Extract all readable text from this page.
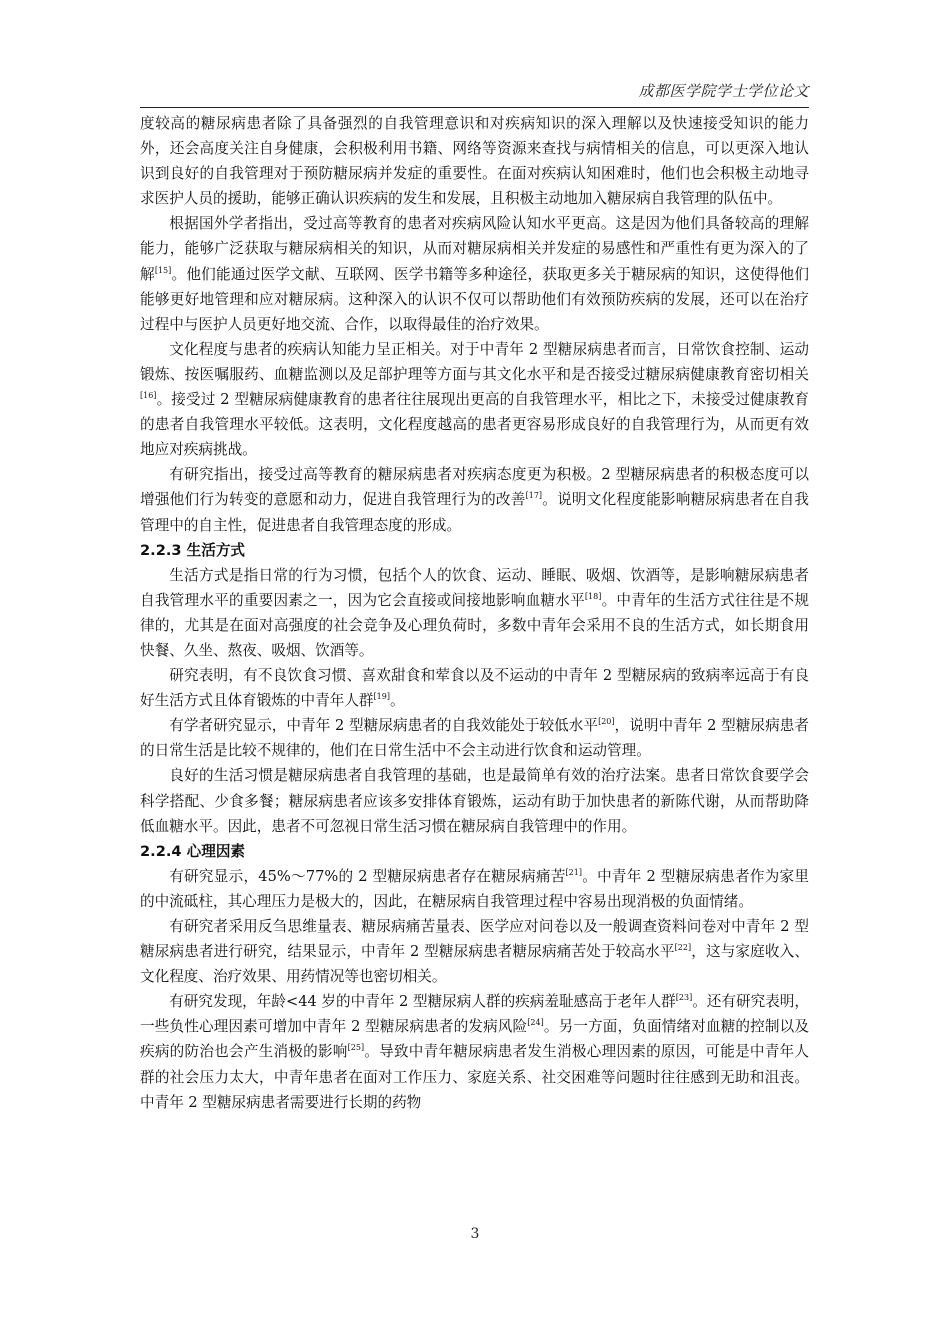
成都医学院学士学位论文

度较高的糖尿病患者除了具备强烈的自我管理意识和对疾病知识的深入理解以及快速接受知识的能力外，还会高度关注自身健康，会积极利用书籍、网络等资源来查找与病情相关的信息，可以更深入地认识到良好的自我管理对于预防糖尿病并发症的重要性。在面对疾病认知困难时，他们也会积极主动地寻求医护人员的援助，能够正确认识疾病的发生和发展，且积极主动地加入糖尿病自我管理的队伍中。

根据国外学者指出，受过高等教育的患者对疾病风险认知水平更高。这是因为他们具备较高的理解能力，能够广泛获取与糖尿病相关的知识，从而对糖尿病相关并发症的易感性和严重性有更为深入的了解[15]。他们能通过医学文献、互联网、医学书籍等多种途径，获取更多关于糖尿病的知识，这使得他们能够更好地管理和应对糖尿病。这种深入的认识不仅可以帮助他们有效预防疾病的发展，还可以在治疗过程中与医护人员更好地交流、合作，以取得最佳的治疗效果。

文化程度与患者的疾病认知能力呈正相关。对于中青年 2 型糖尿病患者而言，日常饮食控制、运动锻炼、按医嘱服药、血糖监测以及足部护理等方面与其文化水平和是否接受过糖尿病健康教育密切相关[16]。接受过 2 型糖尿病健康教育的患者往往展现出更高的自我管理水平，相比之下，未接受过健康教育的患者自我管理水平较低。这表明，文化程度越高的患者更容易形成良好的自我管理行为，从而更有效地应对疾病挑战。

有研究指出，接受过高等教育的糖尿病患者对疾病态度更为积极。2 型糖尿病患者的积极态度可以增强他们行为转变的意愿和动力，促进自我管理行为的改善[17]。说明文化程度能影响糖尿病患者在自我管理中的自主性，促进患者自我管理态度的形成。

2.2.3 生活方式

生活方式是指日常的行为习惯，包括个人的饮食、运动、睡眠、吸烟、饮酒等，是影响糖尿病患者自我管理水平的重要因素之一，因为它会直接或间接地影响血糖水平[18]。中青年的生活方式往往是不规律的，尤其是在面对高强度的社会竞争及心理负荷时，多数中青年会采用不良的生活方式，如长期食用快餐、久坐、熬夜、吸烟、饮酒等。

研究表明，有不良饮食习惯、喜欢甜食和荤食以及不运动的中青年 2 型糖尿病的致病率远高于有良好生活方式且体育锻炼的中青年人群[19]。

有学者研究显示，中青年 2 型糖尿病患者的自我效能处于较低水平[20]，说明中青年 2 型糖尿病患者的日常生活是比较不规律的，他们在日常生活中不会主动进行饮食和运动管理。

良好的生活习惯是糖尿病患者自我管理的基础，也是最简单有效的治疗法案。患者日常饮食要学会科学搭配、少食多餐；糖尿病患者应该多安排体育锻炼，运动有助于加快患者的新陈代谢，从而帮助降低血糖水平。因此，患者不可忽视日常生活习惯在糖尿病自我管理中的作用。

2.2.4 心理因素

有研究显示，45%～77%的 2 型糖尿病患者存在糖尿病痛苦[21]。中青年 2 型糖尿病患者作为家里的中流砥柱，其心理压力是极大的，因此，在糖尿病自我管理过程中容易出现消极的负面情绪。

有研究者采用反刍思维量表、糖尿病痛苦量表、医学应对问卷以及一般调查资料问卷对中青年 2 型糖尿病患者进行研究，结果显示，中青年 2 型糖尿病患者糖尿病痛苦处于较高水平[22]，这与家庭收入、文化程度、治疗效果、用药情况等也密切相关。

有研究发现，年龄<44 岁的中青年 2 型糖尿病人群的疾病羞耻感高于老年人群[23]。还有研究表明，一些负性心理因素可增加中青年 2 型糖尿病患者的发病风险[24]。另一方面，负面情绪对血糖的控制以及疾病的防治也会产生消极的影响[25]。导致中青年糖尿病患者发生消极心理因素的原因，可能是中青年人群的社会压力太大，中青年患者在面对工作压力、家庭关系、社交困难等问题时往往感到无助和沮丧。中青年 2 型糖尿病患者需要进行长期的药物

3
